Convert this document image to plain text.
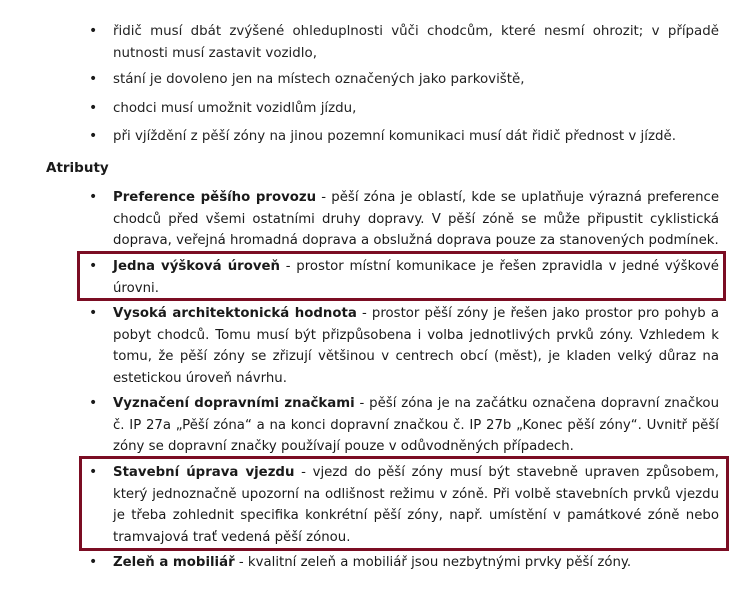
•	řidič musí dbát zvýšené ohleduplnosti vůči chodcům, které nesmí ohrozit; v případě nutnosti musí zastavit vozidlo,
•	stání je dovoleno jen na místech označených jako parkoviště,
•	chodci musí umožnit vozidlům jízdu,
•	při vjíždění z pěší zóny na jinou pozemní komunikaci musí dát řidič přednost v jízdě.
Atributy
•	Preference pěšího provozu - pěší zóna je oblastí, kde se uplatňuje výrazná preference chodců před všemi ostatními druhy dopravy. V pěší zóně se může připustit cyklistická doprava, veřejná hromadná doprava a obslužná doprava pouze za stanovených podmínek.
•	Jedna výšková úroveň - prostor místní komunikace je řešen zpravidla v jedné výškové úrovni.
•	Vysoká architektonická hodnota - prostor pěší zóny je řešen jako prostor pro pohyb a pobyt chodců. Tomu musí být přizpůsobena i volba jednotlivých prvků zóny. Vzhledem k tomu, že pěší zóny se zřizují většinou v centrech obcí (měst), je kladen velký důraz na estetickou úroveň návrhu.
•	Vyznačení dopravními značkami - pěší zóna je na začátku označena dopravní značkou č. IP 27a „Pěší zóna“ a na konci dopravní značkou č. IP 27b „Konec pěší zóny“. Uvnitř pěší zóny se dopravní značky používají pouze v odůvodněných případech.
•	Stavební úprava vjezdu - vjezd do pěší zóny musí být stavebně upraven způsobem, který jednoznačně upozorní na odlišnost režimu v zóně. Při volbě stavebních prvků vjezdu je třeba zohlednit specifika konkrétní pěší zóny, např. umístění v památkové zóně nebo tramvajová trať vedená pěší zónou.
•	Zeleň a mobiliář - kvalitní zeleň a mobiliář jsou nezbytnými prvky pěší zóny.
